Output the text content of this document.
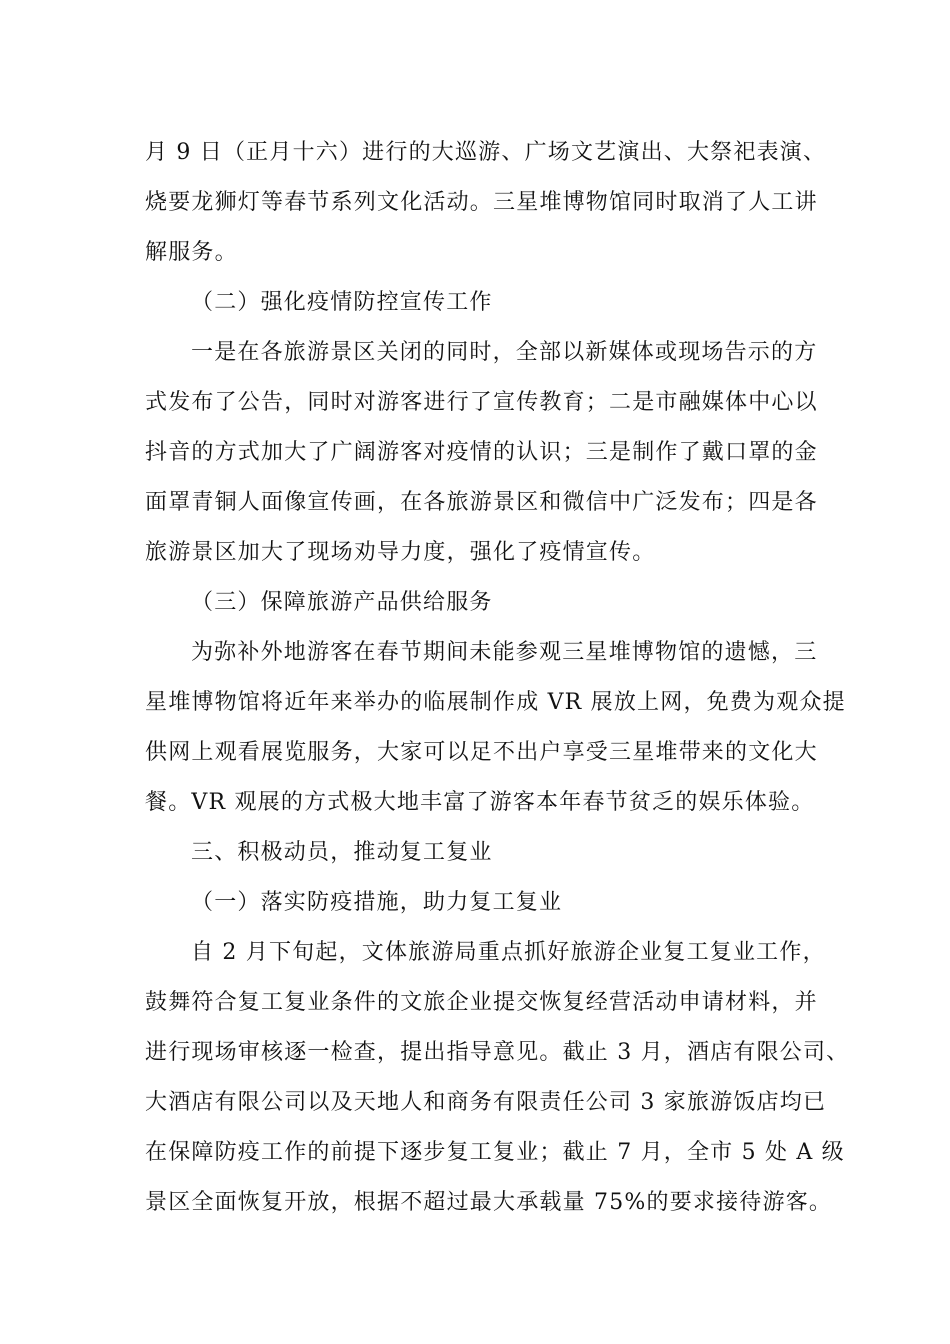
月 9 日（正月十六）进行的大巡游、广场文艺演出、大祭祀表演、
烧要龙狮灯等春节系列文化活动。三星堆博物馆同时取消了人工讲
解服务。
（二）强化疫情防控宣传工作
一是在各旅游景区关闭的同时，全部以新媒体或现场告示的方
式发布了公告，同时对游客进行了宣传教育；二是市融媒体中心以
抖音的方式加大了广阔游客对疫情的认识；三是制作了戴口罩的金
面罩青铜人面像宣传画，在各旅游景区和微信中广泛发布；四是各
旅游景区加大了现场劝导力度，强化了疫情宣传。
（三）保障旅游产品供给服务
为弥补外地游客在春节期间未能参观三星堆博物馆的遗憾，三
星堆博物馆将近年来举办的临展制作成 VR 展放上网，免费为观众提
供网上观看展览服务，大家可以足不出户享受三星堆带来的文化大
餐。VR 观展的方式极大地丰富了游客本年春节贫乏的娱乐体验。
三、积极动员，推动复工复业
（一）落实防疫措施，助力复工复业
自 2 月下旬起，文体旅游局重点抓好旅游企业复工复业工作，
鼓舞符合复工复业条件的文旅企业提交恢复经营活动申请材料，并
进行现场审核逐一检查，提出指导意见。截止 3 月，酒店有限公司、
大酒店有限公司以及天地人和商务有限责任公司 3 家旅游饭店均已
在保障防疫工作的前提下逐步复工复业；截止 7 月，全市 5 处 A 级
景区全面恢复开放，根据不超过最大承载量 75%的要求接待游客。
